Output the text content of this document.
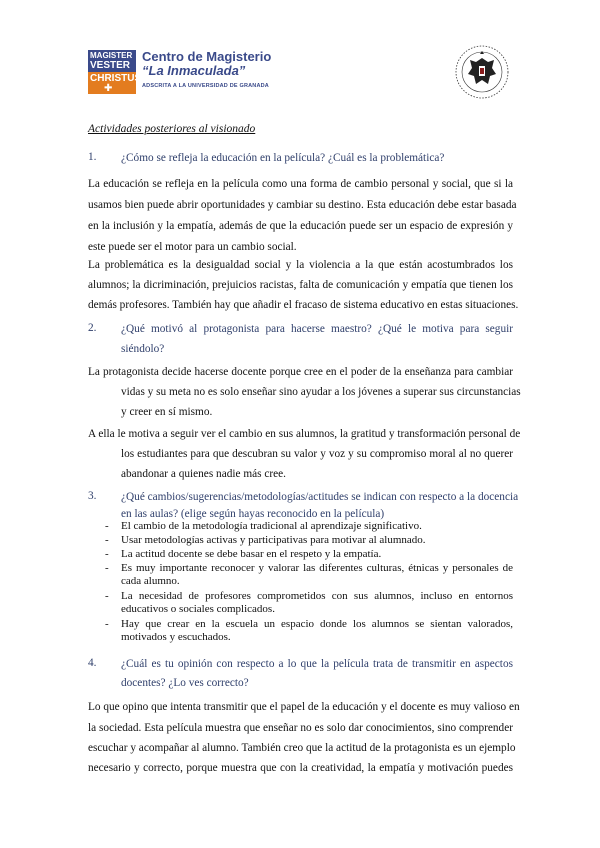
MAGISTER
VESTER
CHRISTUS
✚
Centro de Magisterio
“La Inmaculada”
ADSCRITA A LA UNIVERSIDAD DE GRANADA
Actividades posteriores al visionado
1. ¿Cómo se refleja la educación en la película? ¿Cuál es la problemática?
La educación se refleja en la película como una forma de cambio personal y social, que si la
usamos bien puede abrir oportunidades y cambiar su destino. Esta educación debe estar basada
en la inclusión y la empatía, además de que la educación puede ser un espacio de expresión y
este puede ser el motor para un cambio social.
La problemática es la desigualdad social y la violencia a la que están acostumbrados los
alumnos; la dicriminación, prejuicios racistas, falta de comunicación y empatía que tienen los
demás profesores. También hay que añadir el fracaso de sistema educativo en estas situaciones.
2. ¿Qué motivó al protagonista para hacerse maestro? ¿Qué le motiva para seguir
siéndolo?
La protagonista decide hacerse docente porque cree en el poder de la enseñanza para cambiar
vidas y su meta no es solo enseñar sino ayudar a los jóvenes a superar sus circunstancias
y creer en sí mismo.
A ella le motiva a seguir ver el cambio en sus alumnos, la gratitud y transformación personal de
los estudiantes para que descubran su valor y voz y su compromiso moral al no querer
abandonar a quienes nadie más cree.
3. ¿Qué cambios/sugerencias/metodologías/actitudes se indican con respecto a la docencia
en las aulas? (elige según hayas reconocido en la película)
- El cambio de la metodología tradicional al aprendizaje significativo.
- Usar metodologías activas y participativas para motivar al alumnado.
- La actitud docente se debe basar en el respeto y la empatía.
- Es muy importante reconocer y valorar las diferentes culturas, étnicas y personales de
cada alumno.
- La necesidad de profesores comprometidos con sus alumnos, incluso en entornos
educativos o sociales complicados.
- Hay que crear en la escuela un espacio donde los alumnos se sientan valorados,
motivados y escuchados.
4. ¿Cuál es tu opinión con respecto a lo que la película trata de transmitir en aspectos
docentes? ¿Lo ves correcto?
Lo que opino que intenta transmitir que el papel de la educación y el docente es muy valioso en
la sociedad. Esta película muestra que enseñar no es solo dar conocimientos, sino comprender
escuchar y acompañar al alumno. También creo que la actitud de la protagonista es un ejemplo
necesario y correcto, porque muestra que con la creatividad, la empatía y motivación puedes
